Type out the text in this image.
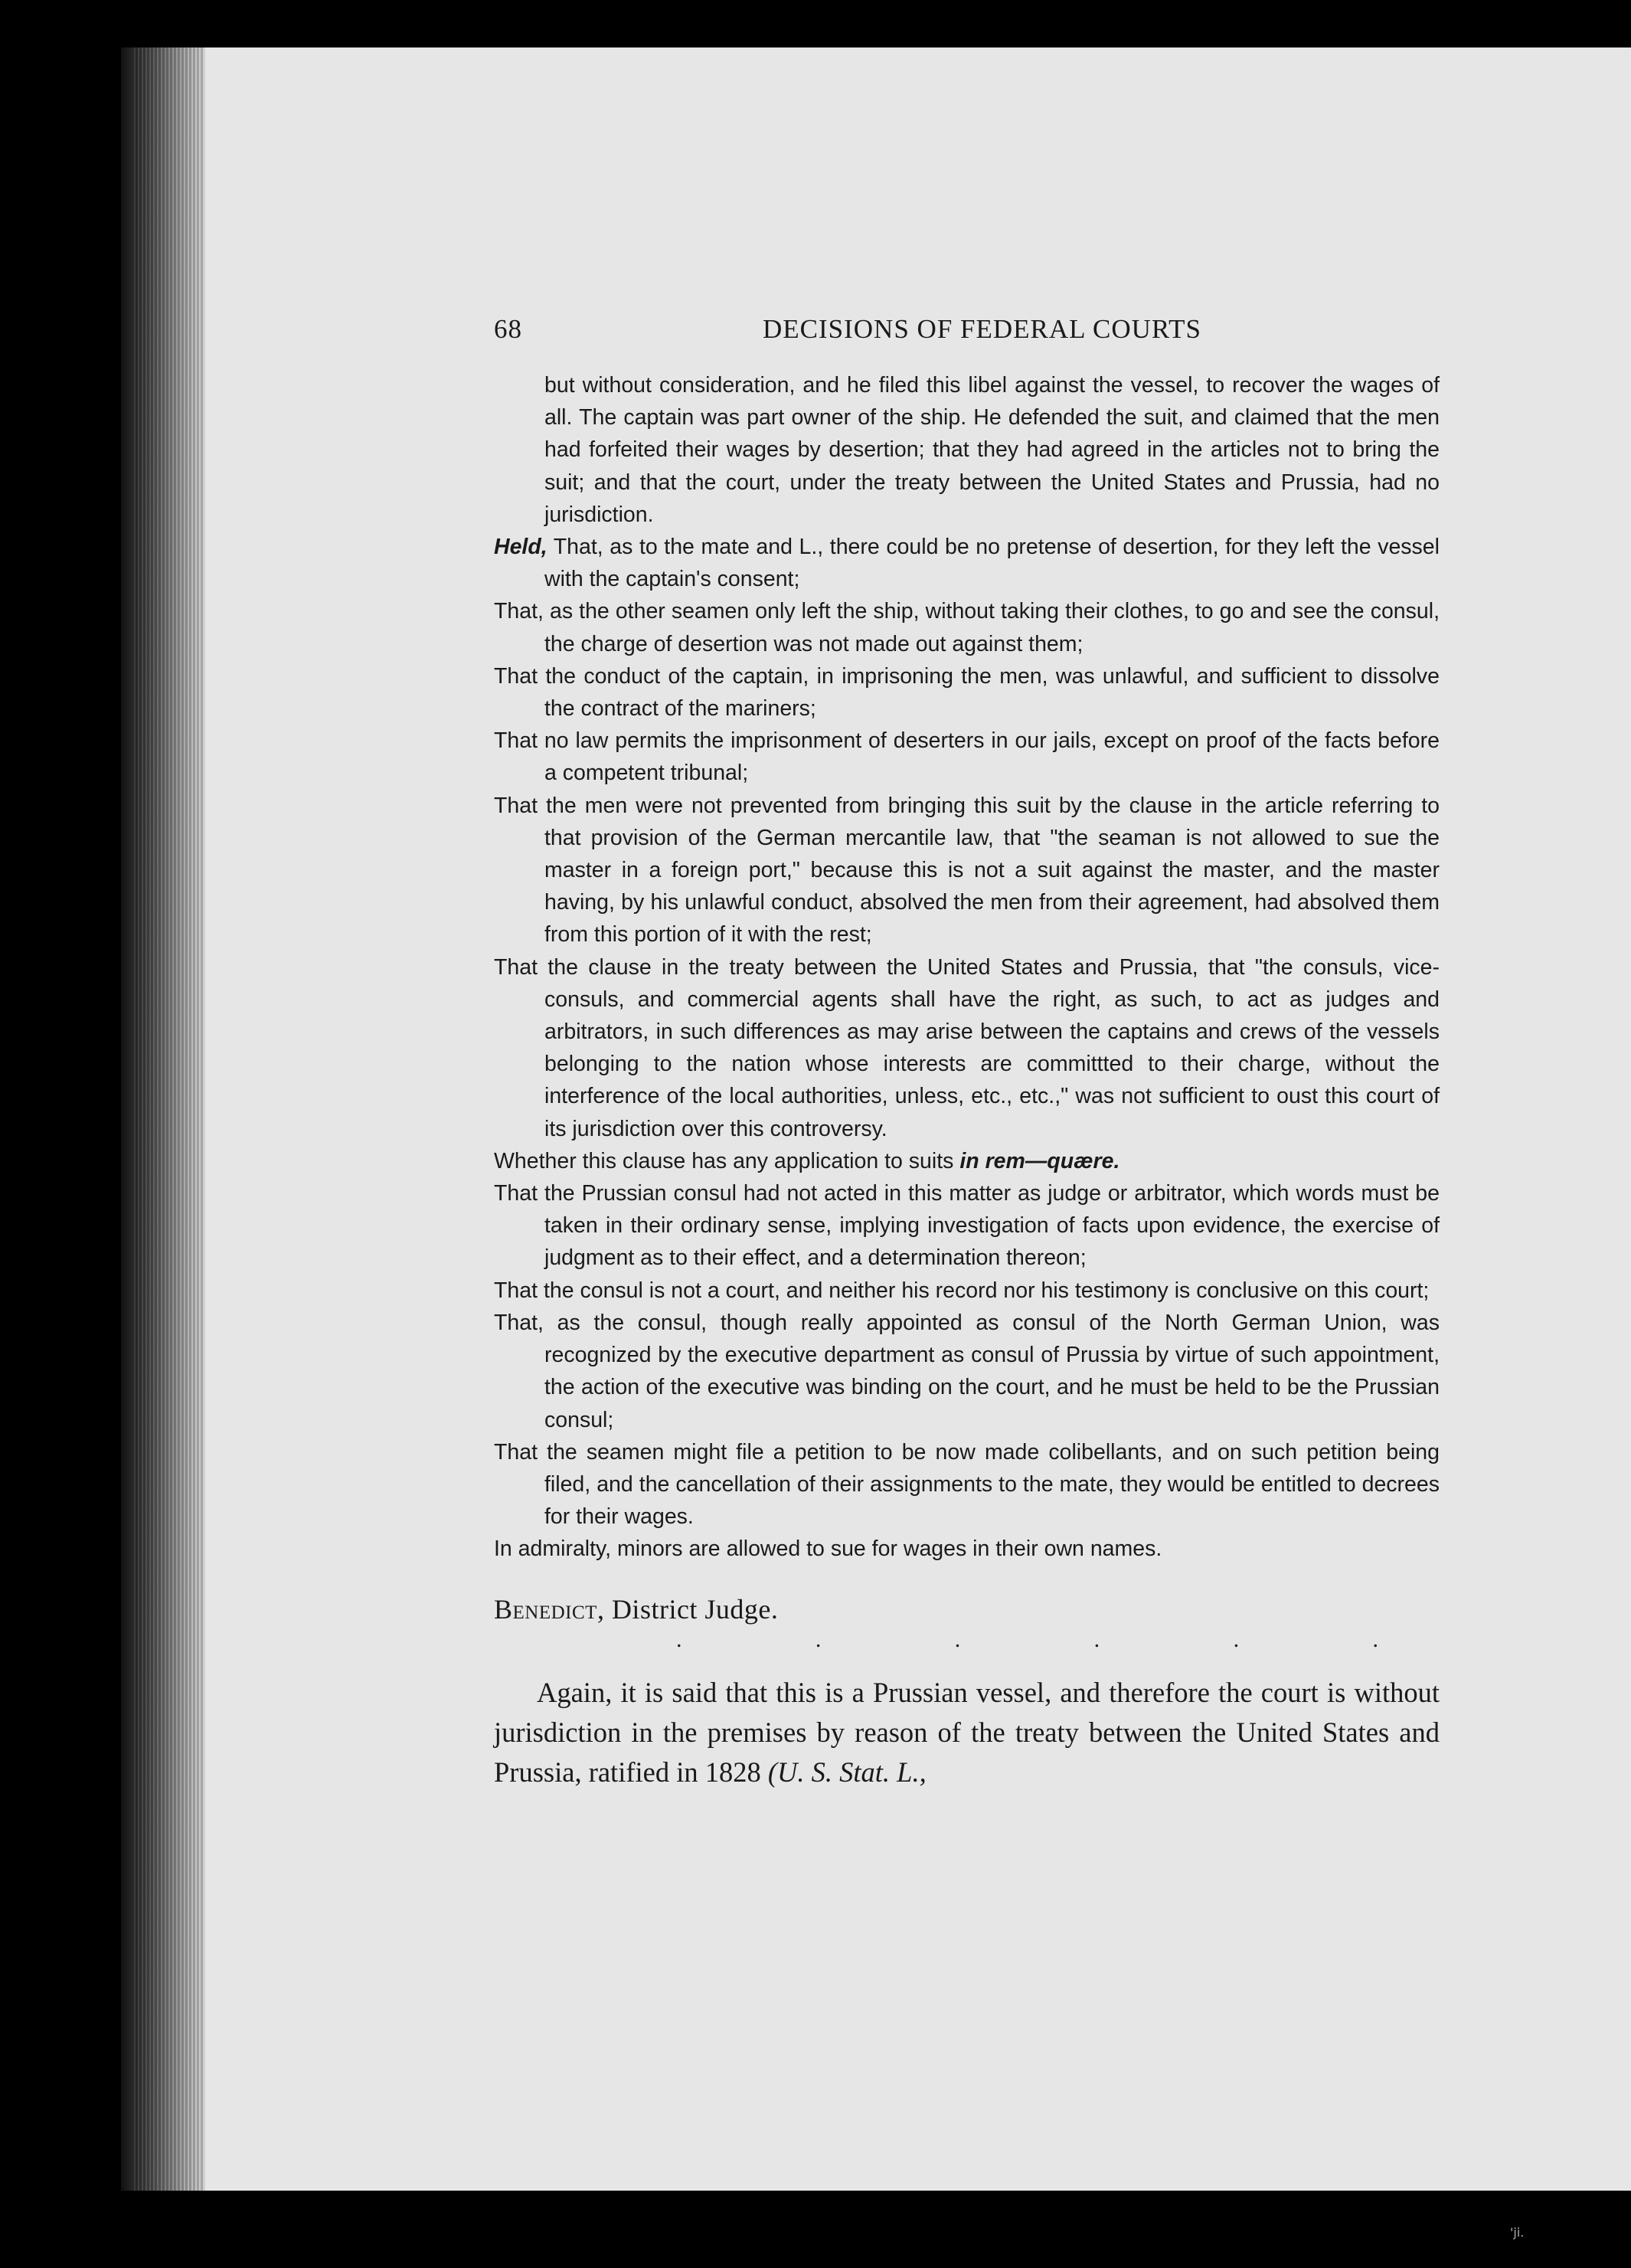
68	DECISIONS OF FEDERAL COURTS

but without consideration, and he filed this libel against the vessel, to recover the wages of all. The captain was part owner of the ship. He defended the suit, and claimed that the men had forfeited their wages by desertion; that they had agreed in the articles not to bring the suit; and that the court, under the treaty between the United States and Prussia, had no jurisdiction.

Held, That, as to the mate and L., there could be no pretense of desertion, for they left the vessel with the captain's consent;

That, as the other seamen only left the ship, without taking their clothes, to go and see the consul, the charge of desertion was not made out against them;

That the conduct of the captain, in imprisoning the men, was unlawful, and sufficient to dissolve the contract of the mariners;

That no law permits the imprisonment of deserters in our jails, except on proof of the facts before a competent tribunal;

That the men were not prevented from bringing this suit by the clause in the article referring to that provision of the German mercantile law, that "the seaman is not allowed to sue the master in a foreign port," because this is not a suit against the master, and the master having, by his unlawful conduct, absolved the men from their agreement, had absolved them from this portion of it with the rest;

That the clause in the treaty between the United States and Prussia, that "the consuls, vice-consuls, and commercial agents shall have the right, as such, to act as judges and arbitrators, in such differences as may arise between the captains and crews of the vessels belonging to the nation whose interests are committted to their charge, without the interference of the local authorities, unless, etc., etc.," was not sufficient to oust this court of its jurisdiction over this controversy.

Whether this clause has any application to suits in rem—quære.

That the Prussian consul had not acted in this matter as judge or arbitrator, which words must be taken in their ordinary sense, implying investigation of facts upon evidence, the exercise of judgment as to their effect, and a determination thereon;

That the consul is not a court, and neither his record nor his testimony is conclusive on this court;

That, as the consul, though really appointed as consul of the North German Union, was recognized by the executive department as consul of Prussia by virtue of such appointment, the action of the executive was binding on the court, and he must be held to be the Prussian consul;

That the seamen might file a petition to be now made colibellants, and on such petition being filed, and the cancellation of their assignments to the mate, they would be entitled to decrees for their wages.

In admiralty, minors are allowed to sue for wages in their own names.

Benedict, District Judge.
.	.	.	.	.	.
Again, it is said that this is a Prussian vessel, and therefore the court is without jurisdiction in the premises by reason of the treaty between the United States and Prussia, ratified in 1828 (U. S. Stat. L.,
'ji.
